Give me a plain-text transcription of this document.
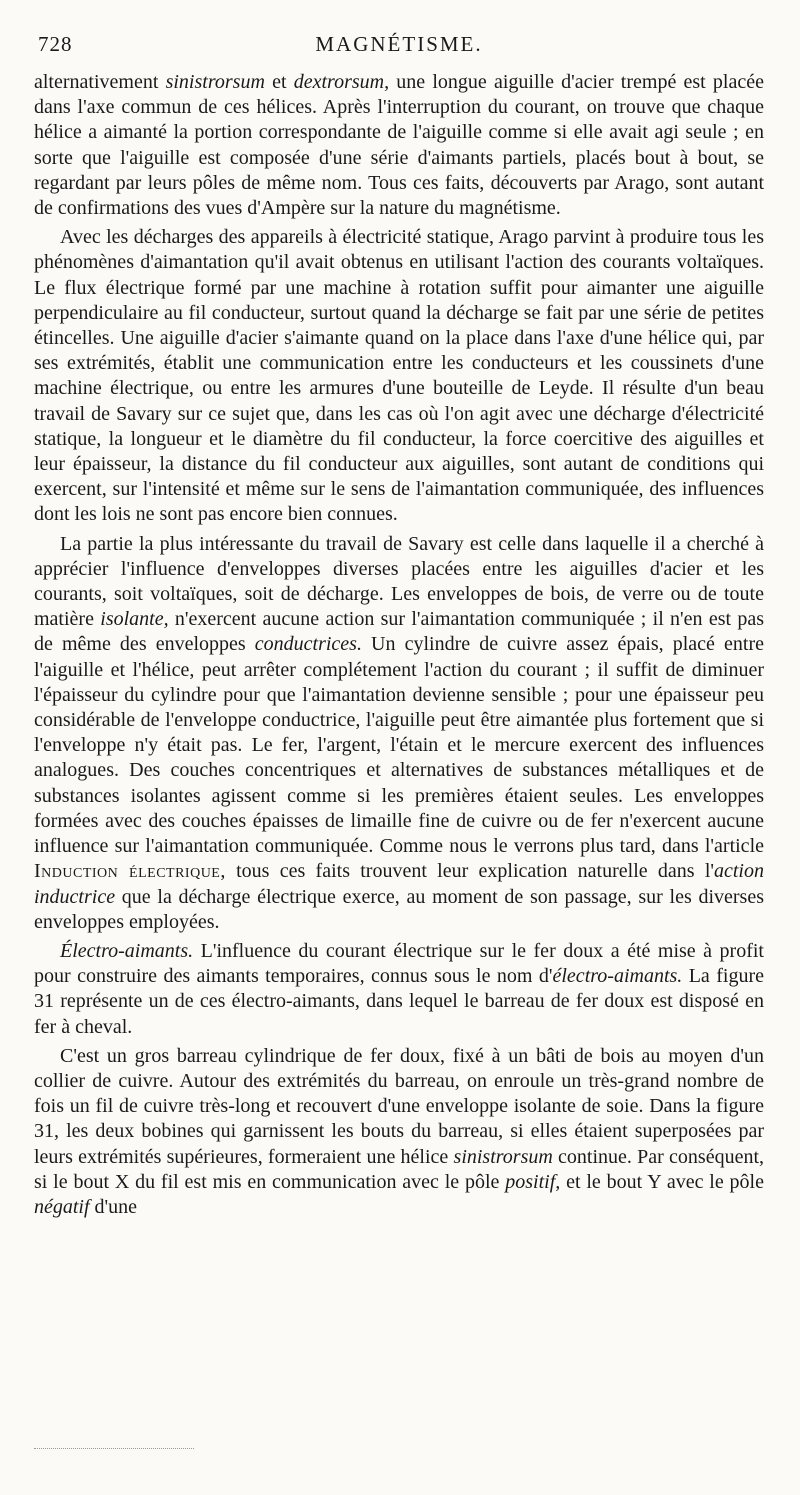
728	MAGNÉTISME.

alternativement sinistrorsum et dextrorsum, une longue aiguille d'acier trempé est placée dans l'axe commun de ces hélices. Après l'interruption du courant, on trouve que chaque hélice a aimanté la portion correspondante de l'aiguille comme si elle avait agi seule ; en sorte que l'aiguille est composée d'une série d'aimants partiels, placés bout à bout, se regardant par leurs pôles de même nom. Tous ces faits, découverts par Arago, sont autant de confirmations des vues d'Ampère sur la nature du magnétisme.

Avec les décharges des appareils à électricité statique, Arago parvint à produire tous les phénomènes d'aimantation qu'il avait obtenus en utilisant l'action des courants voltaïques. Le flux électrique formé par une machine à rotation suffit pour aimanter une aiguille perpendiculaire au fil conducteur, surtout quand la décharge se fait par une série de petites étincelles. Une aiguille d'acier s'aimante quand on la place dans l'axe d'une hélice qui, par ses extrémités, établit une communication entre les conducteurs et les coussinets d'une machine électrique, ou entre les armures d'une bouteille de Leyde. Il résulte d'un beau travail de Savary sur ce sujet que, dans les cas où l'on agit avec une décharge d'électricité statique, la longueur et le diamètre du fil conducteur, la force coercitive des aiguilles et leur épaisseur, la distance du fil conducteur aux aiguilles, sont autant de conditions qui exercent, sur l'intensité et même sur le sens de l'aimantation communiquée, des influences dont les lois ne sont pas encore bien connues.

La partie la plus intéressante du travail de Savary est celle dans laquelle il a cherché à apprécier l'influence d'enveloppes diverses placées entre les aiguilles d'acier et les courants, soit voltaïques, soit de décharge. Les enveloppes de bois, de verre ou de toute matière isolante, n'exercent aucune action sur l'aimantation communiquée ; il n'en est pas de même des enveloppes conductrices. Un cylindre de cuivre assez épais, placé entre l'aiguille et l'hélice, peut arrêter complétement l'action du courant ; il suffit de diminuer l'épaisseur du cylindre pour que l'aimantation devienne sensible ; pour une épaisseur peu considérable de l'enveloppe conductrice, l'aiguille peut être aimantée plus fortement que si l'enveloppe n'y était pas. Le fer, l'argent, l'étain et le mercure exercent des influences analogues. Des couches concentriques et alternatives de substances métalliques et de substances isolantes agissent comme si les premières étaient seules. Les enveloppes formées avec des couches épaisses de limaille fine de cuivre ou de fer n'exercent aucune influence sur l'aimantation communiquée. Comme nous le verrons plus tard, dans l'article Induction électrique, tous ces faits trouvent leur explication naturelle dans l'action inductrice que la décharge électrique exerce, au moment de son passage, sur les diverses enveloppes employées.

Électro-aimants. L'influence du courant électrique sur le fer doux a été mise à profit pour construire des aimants temporaires, connus sous le nom d'électro-aimants. La figure 31 représente un de ces électro-aimants, dans lequel le barreau de fer doux est disposé en fer à cheval.

C'est un gros barreau cylindrique de fer doux, fixé à un bâti de bois au moyen d'un collier de cuivre. Autour des extrémités du barreau, on enroule un très-grand nombre de fois un fil de cuivre très-long et recouvert d'une enveloppe isolante de soie. Dans la figure 31, les deux bobines qui garnissent les bouts du barreau, si elles étaient superposées par leurs extrémités supérieures, formeraient une hélice sinistrorsum continue. Par conséquent, si le bout X du fil est mis en communication avec le pôle positif, et le bout Y avec le pôle négatif d'une
